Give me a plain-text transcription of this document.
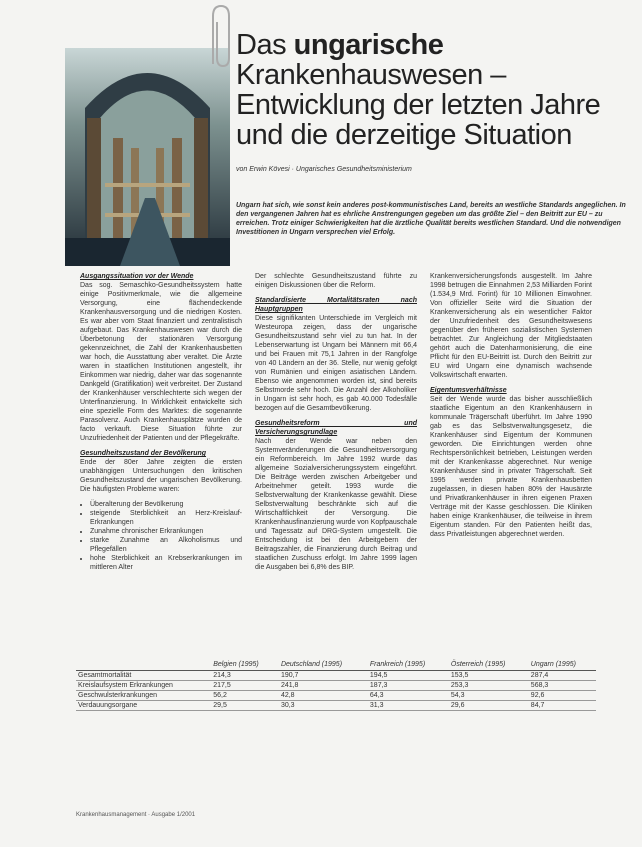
Das ungarische
Krankenhauswesen –
Entwicklung der letzten Jahre
und die derzeitige Situation
von Erwin Kövesi · Ungarisches Gesundheitsministerium
Ungarn hat sich, wie sonst kein anderes post-kommunistisches Land, bereits an westliche Standards angeglichen. In den vergangenen Jahren hat es ehrliche Anstrengungen gegeben um das größte Ziel – den Beitritt zur EU – zu erreichen. Trotz einiger Schwierigkeiten hat die ärztliche Qualität bereits westlichen Standard. Und die notwendigen Investitionen in Ungarn versprechen viel Erfolg.
Ausgangssituation vor der Wende

Das sog. Semaschko-Gesundheitssystem hatte einige Positivmerkmale, wie die allgemeine Versorgung, eine flächendeckende Krankenhausversorgung und die niedrigen Kosten. Es war aber vom Staat finanziert und zentralistisch aufgebaut. Das Krankenhauswesen war durch die Überbetonung der stationären Versorgung gekennzeichnet, die Zahl der Krankenhausbetten war hoch, die Ausstattung aber veraltet. Die Ärzte waren in staatlichen Institutionen angestellt, ihr Einkommen war niedrig, daher war das sogenannte Dankgeld (Gratifikation) weit verbreitet. Der Zustand der Krankenhäuser verschlechterte sich wegen der Unterfinanzierung. In Wirklichkeit entwickelte sich eine spezielle Form des Marktes: die sogenannte Parasolvenz. Auch Krankenhausplätze wurden de facto verkauft. Diese Situation führte zur Unzufriedenheit der Patienten und der Pflegekräfte.

Gesundheitszustand der Bevölkerung

Ende der 80er Jahre zeigten die ersten unabhängigen Untersuchungen den kritischen Gesundheitszustand der ungarischen Bevölkerung. Die häufigsten Probleme waren:

• Überalterung der Bevölkerung
• steigende Sterblichkeit an Herz-Kreislauf-Erkrankungen
• Zunahme chronischer Erkrankungen
• starke Zunahme an Alkoholismus und Pflegefällen
• hohe Sterblichkeit an Krebserkrankungen im mittleren Alter

Der schlechte Gesundheitszustand führte zu einigen Diskussionen über die Reform.

Standardisierte Mortalitätsraten nach Hauptgruppen

Diese signifikanten Unterschiede im Vergleich mit Westeuropa zeigen, dass der ungarische Gesundheitszustand sehr viel zu tun hat. In der Lebenserwartung ist Ungarn bei Männern mit 66,4 und bei Frauen mit 75,1 Jahren in der Rangfolge von 40 Ländern an der 36. Stelle, nur wenig gefolgt von Rumänien und einigen asiatischen Ländern. Ebenso wie angenommen worden ist, sind bereits Selbstmorde sehr hoch. Die Anzahl der Alkoholiker in Ungarn ist sehr hoch, es gab 40.000 Todesfälle bezogen auf die Gesamtbevölkerung.

Gesundheitsreform und Versicherungsgrundlage

Nach der Wende war neben den Systemveränderungen die Gesundheitsversorgung ein Reformbereich. Im Jahre 1992 wurde das allgemeine Sozialversicherungssystem eingeführt. Die Beiträge werden zwischen Arbeitgeber und Arbeitnehmer geteilt. 1993 wurde die Selbstverwaltung der Krankenkasse gewählt. Diese Selbstverwaltung beschränkte sich auf die Wirtschaftlichkeit der Versorgung. Die Krankenhausfinanzierung wurde von Kopfpauschale und Tagessatz auf DRG-System umgestellt. Die Entscheidung ist bei den Arbeitgebern der Beitragszahler, die Finanzierung durch Beitrag und staatlichen Zuschuss erfolgt. Im Jahre 1999 lagen die Ausgaben bei 6,8% des BIP.

Krankenversicherungsfonds ausgestellt. Im Jahre 1998 betrugen die Einnahmen 2,53 Milliarden Forint (1.534,9 Mrd. Forint) für 10 Millionen Einwohner. Von offizieller Seite wird die Situation der Krankenversicherung als ein wesentlicher Faktor der Unzufriedenheit des Gesundheitswesens gegenüber den früheren sozialistischen Systemen betrachtet. Zur Angleichung der Mitgliedstaaten gehört auch die Datenharmonisierung, die eine Pflicht für den EU-Beitritt ist. Durch den Beitritt zur EU wird Ungarn eine dynamisch wachsende Volkswirtschaft erwarten.

Eigentumsverhältnisse

Seit der Wende wurde das bisher ausschließlich staatliche Eigentum an den Krankenhäusern in kommunale Trägerschaft überführt. Im Jahre 1990 gab es das Selbstverwaltungsgesetz, die Krankenhäuser sind Eigentum der Kommunen geworden. Die Einrichtungen werden ohne Rechtspersönlichkeit betrieben, Leistungen werden mit der Krankenkasse abgerechnet. Nur wenige Krankenhäuser sind in privater Trägerschaft. Seit 1995 werden private Krankenhausbetten zugelassen, in diesen haben 80% der Hausärzte und Privatkrankenhäuser in ihren eigenen Praxen Verträge mit der Kasse geschlossen. Die Kliniken haben einige Krankenhäuser, die teilweise in ihrem Eigentum standen. Für den Patienten heißt das, dass Privatleistungen abgerechnet werden.

	Belgien (1995)	Deutschland (1995)	Frankreich (1995)	Österreich (1995)	Ungarn (1995)
Gesamtmortalität	214,3	190,7	194,5	153,5	287,4
Kreislaufsystem Erkrankungen	217,5	241,8	187,3	253,3	568,3
Geschwulsterkrankungen	56,2	42,8	64,3	54,3	92,6
Verdauungsorgane	29,5	30,3	31,3	29,6	84,7
Krankenhausmanagement · Ausgabe 1/2001
